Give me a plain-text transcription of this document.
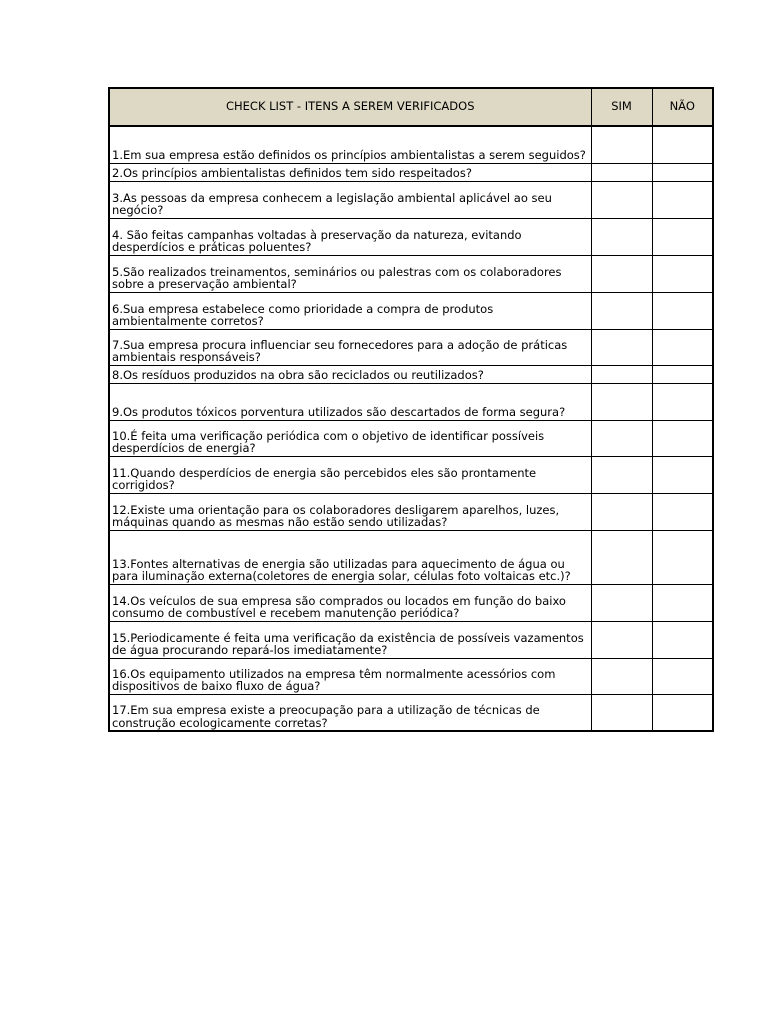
CHECK LIST - ITENS A SEREM VERIFICADOS	SIM	NÃO
1.Em sua empresa estão definidos os princípios ambientalistas a serem seguidos?		
2.Os princípios ambientalistas definidos tem sido respeitados?		
3.As pessoas da empresa conhecem a legislação ambiental aplicável ao seu negócio?		
4. São feitas campanhas voltadas à preservação da natureza, evitando desperdícios e práticas poluentes?		
5.São realizados treinamentos, seminários ou palestras com os colaboradores sobre a preservação ambiental?		
6.Sua empresa estabelece como prioridade a compra de produtos ambientalmente corretos?		
7.Sua empresa procura influenciar seu fornecedores para a adoção de práticas ambientais responsáveis?		
8.Os resíduos produzidos na obra são reciclados ou reutilizados?		
9.Os produtos tóxicos porventura utilizados são descartados de forma segura?		
10.É feita uma verificação periódica com o objetivo de identificar possíveis desperdícios de energia?		
11.Quando desperdícios de energia são percebidos eles são prontamente corrigidos?		
12.Existe uma orientação para os colaboradores desligarem aparelhos, luzes, máquinas quando as mesmas não estão sendo utilizadas?		
13.Fontes alternativas de energia são utilizadas para aquecimento de água ou para iluminação externa(coletores de energia solar, células foto voltaicas etc.)?		
14.Os veículos de sua empresa são comprados ou locados em função do baixo consumo de combustível e recebem manutenção periódica?		
15.Periodicamente é feita uma verificação da existência de possíveis vazamentos de água procurando repará-los imediatamente?		
16.Os equipamento utilizados na empresa têm normalmente acessórios com dispositivos de baixo fluxo de água?		
17.Em sua empresa existe a preocupação para a utilização de técnicas de construção ecologicamente corretas?		
